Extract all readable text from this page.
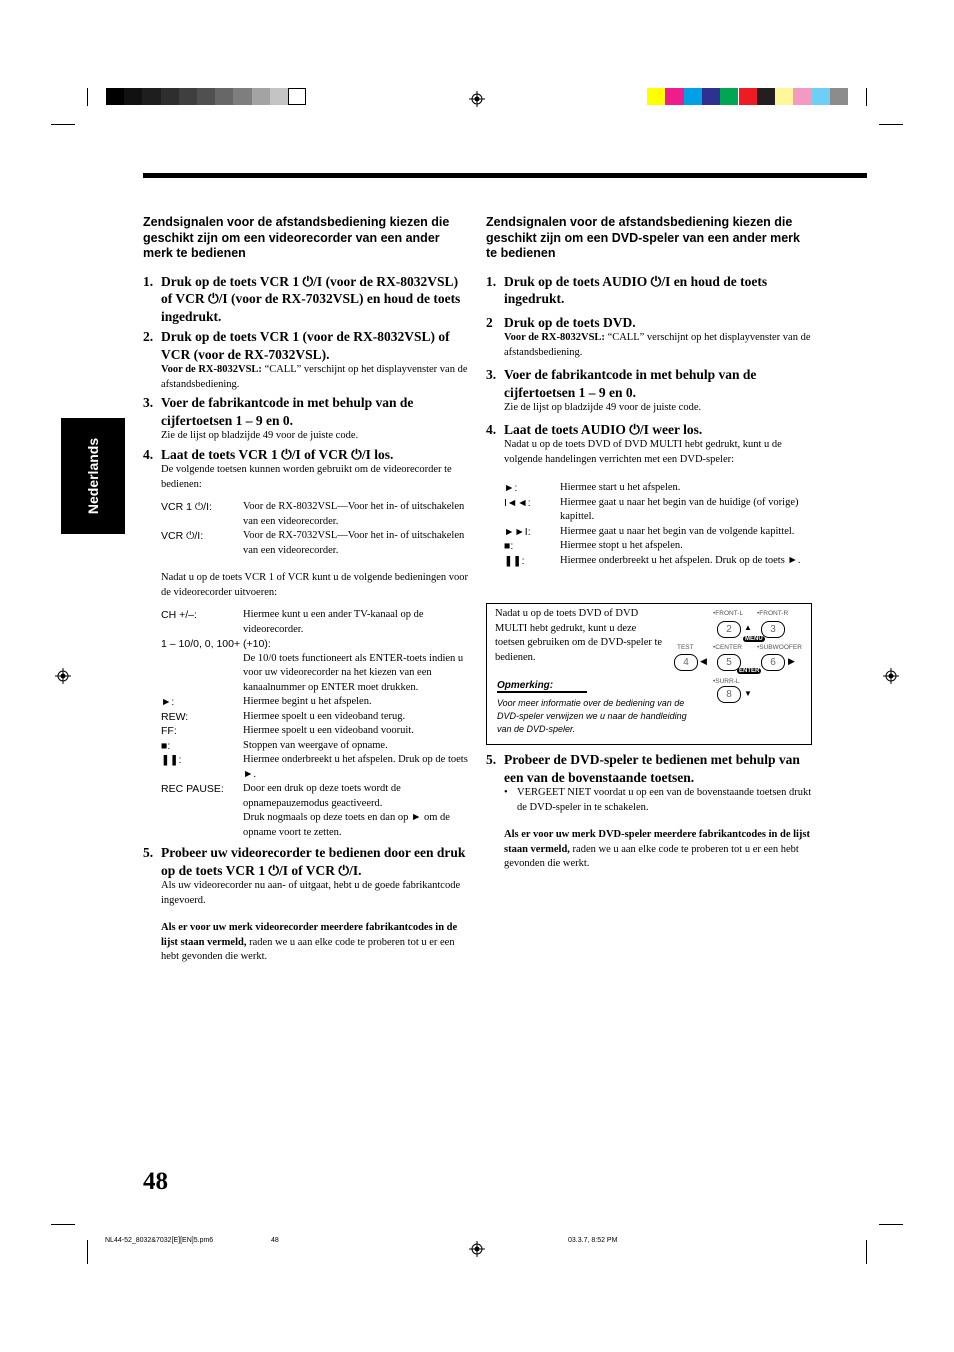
Nederlands
Zendsignalen voor de afstandsbediening kiezen die geschikt zijn om een videorecorder van een ander merk te bedienen
1. Druk op de toets VCR 1 ⏻/I (voor de RX-8032VSL) of VCR ⏻/I (voor de RX-7032VSL) en houd de toets ingedrukt.
2. Druk op de toets VCR 1 (voor de RX-8032VSL) of VCR (voor de RX-7032VSL).
Voor de RX-8032VSL: “CALL” verschijnt op het displayvenster van de afstandsbediening.
3. Voer de fabrikantcode in met behulp van de cijfertoetsen 1 – 9 en 0.
Zie de lijst op bladzijde 49 voor de juiste code.
4. Laat de toets VCR 1 ⏻/I of VCR ⏻/I los.
De volgende toetsen kunnen worden gebruikt om de videorecorder te bedienen:
VCR 1 ⏻/I:	Voor de RX-8032VSL—Voor het in- of uitschakelen van een videorecorder.
VCR ⏻/I:	Voor de RX-7032VSL—Voor het in- of uitschakelen van een videorecorder.
Nadat u op de toets VCR 1 of VCR kunt u de volgende bedieningen voor de videorecorder uitvoeren:
CH +/–:	Hiermee kunt u een ander TV-kanaal op de videorecorder.
1 – 10/0, 0, 100+ (+10):
De 10/0 toets functioneert als ENTER-toets indien u voor uw videorecorder na het kiezen van een kanaalnummer op ENTER moet drukken.
►:	Hiermee begint u het afspelen.
REW:	Hiermee spoelt u een videoband terug.
FF:	Hiermee spoelt u een videoband vooruit.
■:	Stoppen van weergave of opname.
❚❚:	Hiermee onderbreekt u het afspelen. Druk op de toets ►.
REC PAUSE:	Door een druk op deze toets wordt de opnamepauzemodus geactiveerd.
Druk nogmaals op deze toets en dan op ► om de opname voort te zetten.
5. Probeer uw videorecorder te bedienen door een druk op de toets VCR 1 ⏻/I of VCR ⏻/I.
Als uw videorecorder nu aan- of uitgaat, hebt u de goede fabrikantcode ingevoerd.
Als er voor uw merk videorecorder meerdere fabrikantcodes in de lijst staan vermeld, raden we u aan elke code te proberen tot u er een hebt gevonden die werkt.
Zendsignalen voor de afstandsbediening kiezen die geschikt zijn om een DVD-speler van een ander merk te bedienen
1. Druk op de toets AUDIO ⏻/I en houd de toets ingedrukt.
2 Druk op de toets DVD.
Voor de RX-8032VSL: “CALL” verschijnt op het displayvenster van de afstandsbediening.
3. Voer de fabrikantcode in met behulp van de cijfertoetsen 1 – 9 en 0.
Zie de lijst op bladzijde 49 voor de juiste code.
4. Laat de toets AUDIO ⏻/I weer los.
Nadat u op de toets DVD of DVD MULTI hebt gedrukt, kunt u de volgende handelingen verrichten met een DVD-speler:
►:	Hiermee start u het afspelen.
I◄◄:	Hiermee gaat u naar het begin van de huidige (of vorige) kapittel.
►►I:	Hiermee gaat u naar het begin van de volgende kapittel.
■:	Hiermee stopt u het afspelen.
❚❚:	Hiermee onderbreekt u het afspelen. Druk op de toets ►.
Nadat u op de toets DVD of DVD MULTI hebt gedrukt, kunt u deze toetsen gebruiken om de DVD-speler te bedienen.
Opmerking:
Voor meer informatie over de bediening van de DVD-speler verwijzen we u naar de handleiding van de DVD-speler.
•FRONT-L •FRONT-R
2	▲	3
MENU
TEST	•CENTER •SUBWOOFER
4	◀	5	6	▶
ENTER
•SURR-L
8	▼
5. Probeer de DVD-speler te bedienen met behulp van een van de bovenstaande toetsen.
• VERGEET NIET voordat u op een van de bovenstaande toetsen drukt de DVD-speler in te schakelen.
Als er voor uw merk DVD-speler meerdere fabrikantcodes in de lijst staan vermeld, raden we u aan elke code te proberen tot u er een hebt gevonden die werkt.
48
NL44-52_8032&7032[E][EN]5.pm6	48	03.3.7, 8:52 PM
